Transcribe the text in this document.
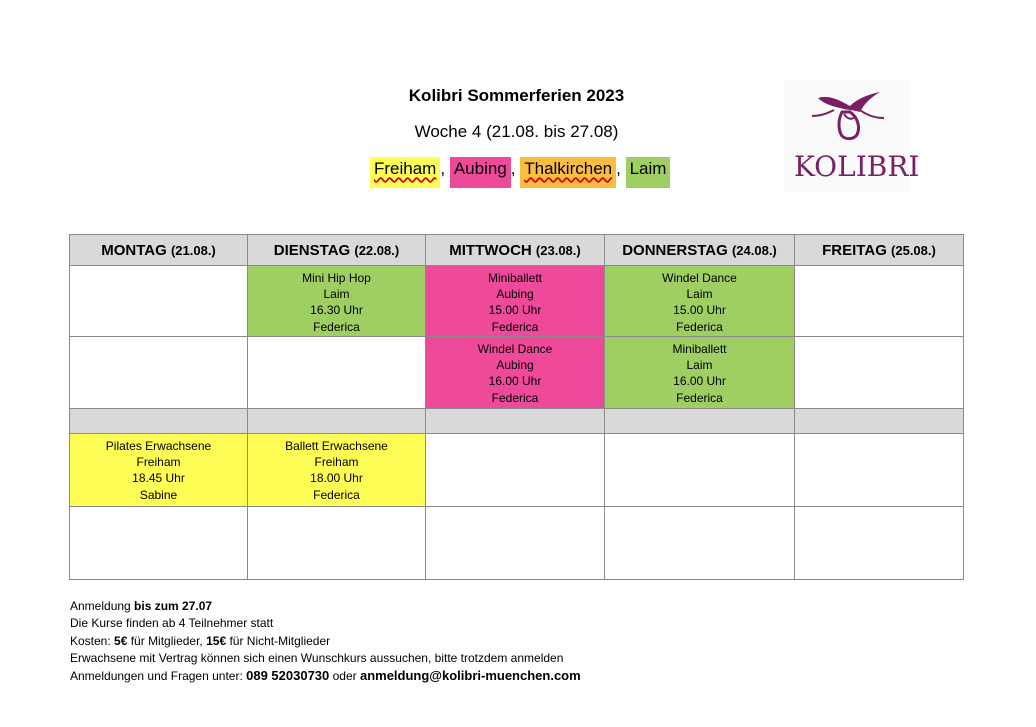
Kolibri Sommerferien 2023
Woche 4 (21.08. bis 27.08)
Freiham , Aubing , Thalkirchen , Laim	KOLIBRI
MONTAG (21.08.)	DIENSTAG (22.08.)	MITTWOCH (23.08.)	DONNERSTAG (24.08.)	FREITAG (25.08.)

	Mini Hip Hop
Laim
16.30 Uhr
Federica	Miniballett
Aubing
15.00 Uhr
Federica	Windel Dance
Laim
15.00 Uhr
Federica	

		Windel Dance
Aubing
16.00 Uhr
Federica	Miniballett
Laim
16.00 Uhr
Federica	

Pilates Erwachsene
Freiham
18.45 Uhr
Sabine	Ballett Erwachsene
Freiham
18.00 Uhr
Federica			

Anmeldung bis zum 27.07
Die Kurse finden ab 4 Teilnehmer statt
Kosten: 5€ für Mitglieder, 15€ für Nicht-Mitglieder
Erwachsene mit Vertrag können sich einen Wunschkurs aussuchen, bitte trotzdem anmelden
Anmeldungen und Fragen unter: 089 52030730 oder anmeldung@kolibri-muenchen.com
